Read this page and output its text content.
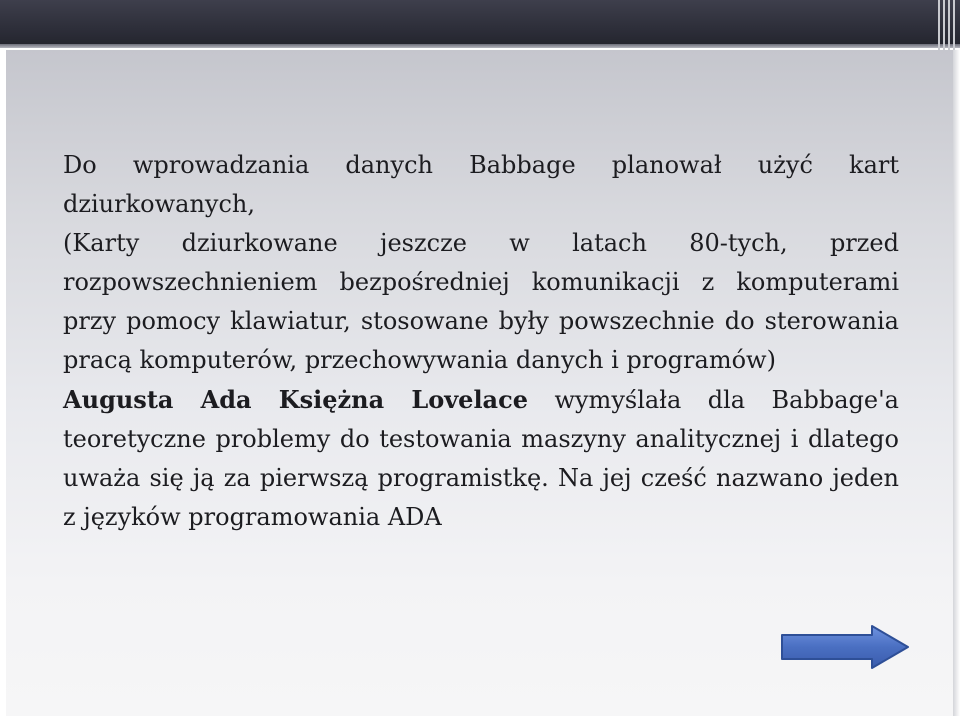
Do wprowadzania danych Babbage planował użyć kart dziurkowanych,

(Karty dziurkowane jeszcze w latach 80-tych, przed rozpowszechnieniem bezpośredniej komunikacji z komputerami przy pomocy klawiatur, stosowane były powszechnie do sterowania pracą komputerów, przechowywania danych i programów)

Augusta Ada Księżna Lovelace wymyślała dla Babbage'a teoretyczne problemy do testowania maszyny analitycznej i dlatego uważa się ją za pierwszą programistkę. Na jej cześć nazwano jeden z języków programowania ADA
